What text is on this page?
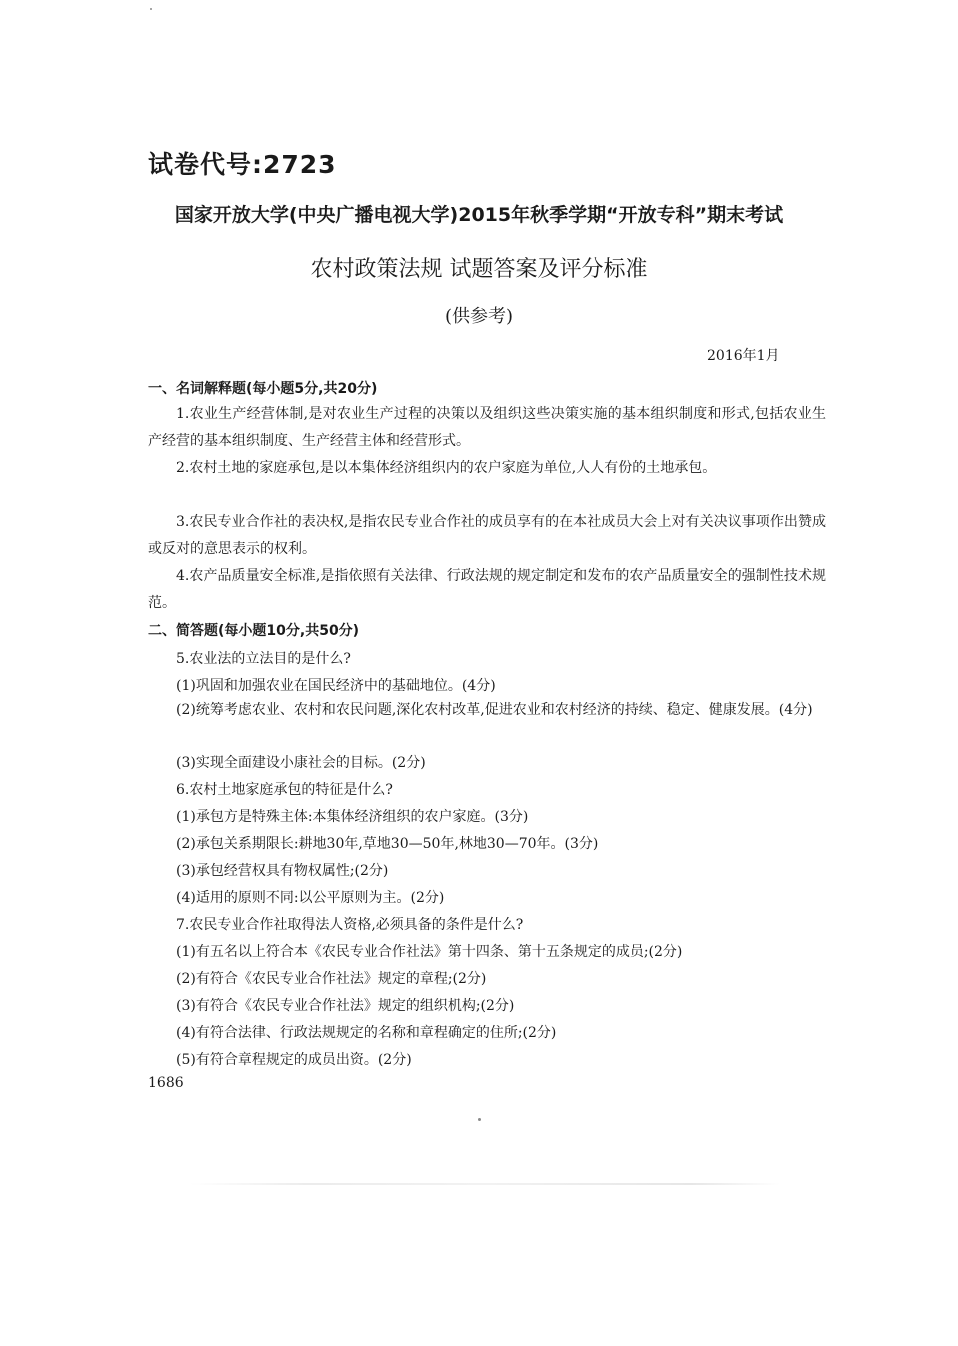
试卷代号:2723
国家开放大学(中央广播电视大学)2015年秋季学期“开放专科”期末考试
农村政策法规 试题答案及评分标准
(供参考)
2016年1月
一、名词解释题(每小题5分,共20分)
1.农业生产经营体制,是对农业生产过程的决策以及组织这些决策实施的基本组织制度和形式,包括农业生产经营的基本组织制度、生产经营主体和经营形式。
2.农村土地的家庭承包,是以本集体经济组织内的农户家庭为单位,人人有份的土地承包。
3.农民专业合作社的表决权,是指农民专业合作社的成员享有的在本社成员大会上对有关决议事项作出赞成或反对的意思表示的权利。
4.农产品质量安全标准,是指依照有关法律、行政法规的规定制定和发布的农产品质量安全的强制性技术规范。
二、简答题(每小题10分,共50分)
5.农业法的立法目的是什么?
(1)巩固和加强农业在国民经济中的基础地位。(4分)
(2)统筹考虑农业、农村和农民问题,深化农村改革,促进农业和农村经济的持续、稳定、健康发展。(4分)
(3)实现全面建设小康社会的目标。(2分)
6.农村土地家庭承包的特征是什么?
(1)承包方是特殊主体:本集体经济组织的农户家庭。(3分)
(2)承包关系期限长:耕地30年,草地30—50年,林地30—70年。(3分)
(3)承包经营权具有物权属性;(2分)
(4)适用的原则不同:以公平原则为主。(2分)
7.农民专业合作社取得法人资格,必须具备的条件是什么?
(1)有五名以上符合本《农民专业合作社法》第十四条、第十五条规定的成员;(2分)
(2)有符合《农民专业合作社法》规定的章程;(2分)
(3)有符合《农民专业合作社法》规定的组织机构;(2分)
(4)有符合法律、行政法规规定的名称和章程确定的住所;(2分)
(5)有符合章程规定的成员出资。(2分)
1686
